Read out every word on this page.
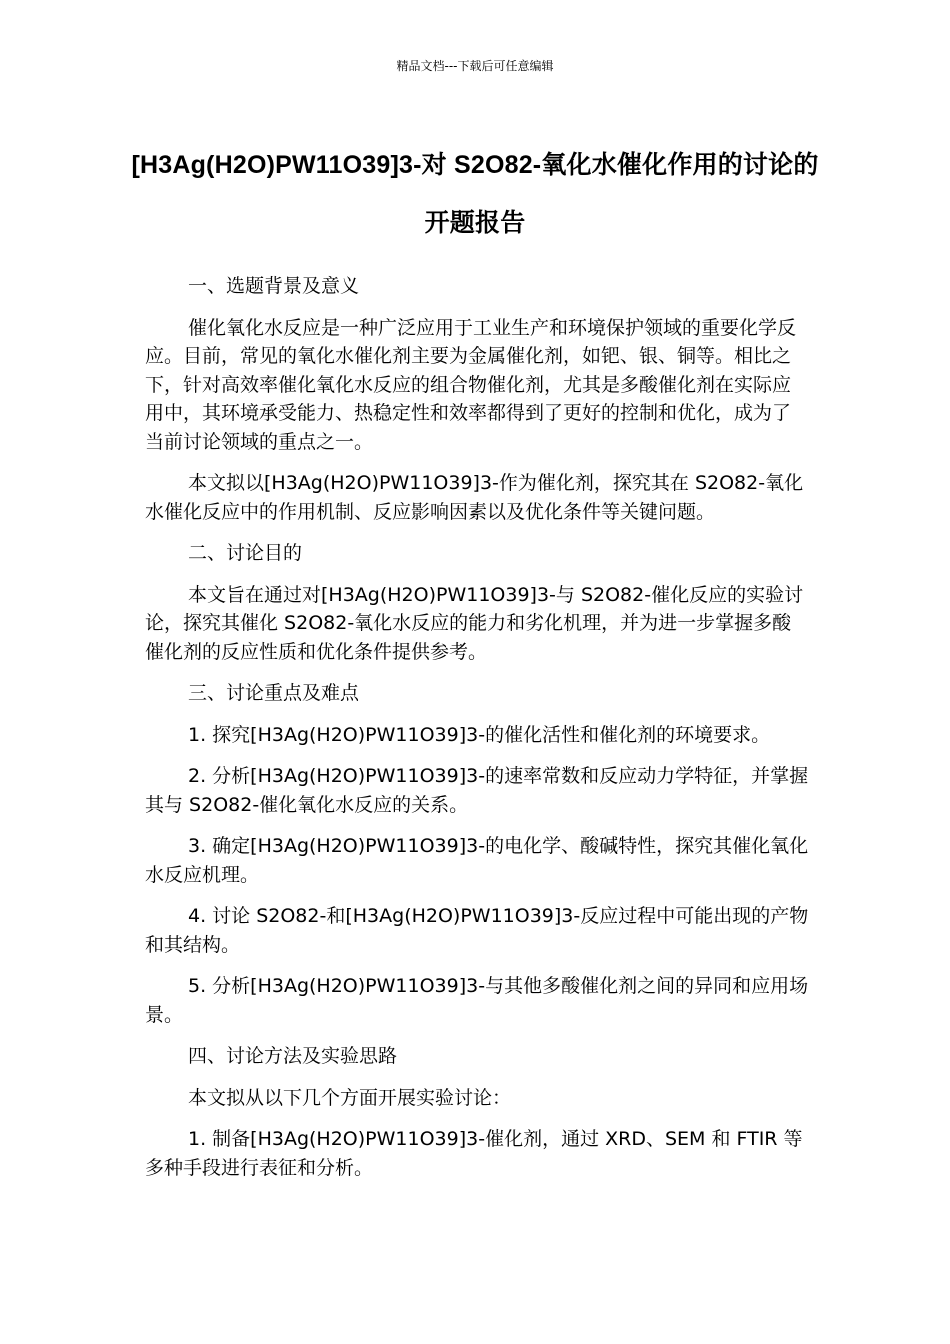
精品文档---下载后可任意编辑
[H3Ag(H2O)PW11O39]3-对 S2O82-氧化水催化作用的讨论的开题报告

一、选题背景及意义

催化氧化水反应是一种广泛应用于工业生产和环境保护领域的重要化学反应。目前，常见的氧化水催化剂主要为金属催化剂，如钯、银、铜等。相比之下，针对高效率催化氧化水反应的组合物催化剂，尤其是多酸催化剂在实际应用中，其环境承受能力、热稳定性和效率都得到了更好的控制和优化，成为了当前讨论领域的重点之一。

本文拟以[H3Ag(H2O)PW11O39]3-作为催化剂，探究其在 S2O82-氧化水催化反应中的作用机制、反应影响因素以及优化条件等关键问题。

二、讨论目的

本文旨在通过对[H3Ag(H2O)PW11O39]3-与 S2O82-催化反应的实验讨论，探究其催化 S2O82-氧化水反应的能力和劣化机理，并为进一步掌握多酸催化剂的反应性质和优化条件提供参考。

三、讨论重点及难点

1. 探究[H3Ag(H2O)PW11O39]3-的催化活性和催化剂的环境要求。

2. 分析[H3Ag(H2O)PW11O39]3-的速率常数和反应动力学特征，并掌握其与 S2O82-催化氧化水反应的关系。

3. 确定[H3Ag(H2O)PW11O39]3-的电化学、酸碱特性，探究其催化氧化水反应机理。

4. 讨论 S2O82-和[H3Ag(H2O)PW11O39]3-反应过程中可能出现的产物和其结构。

5. 分析[H3Ag(H2O)PW11O39]3-与其他多酸催化剂之间的异同和应用场景。

四、讨论方法及实验思路

本文拟从以下几个方面开展实验讨论：

1. 制备[H3Ag(H2O)PW11O39]3-催化剂，通过 XRD、SEM 和 FTIR 等多种手段进行表征和分析。
